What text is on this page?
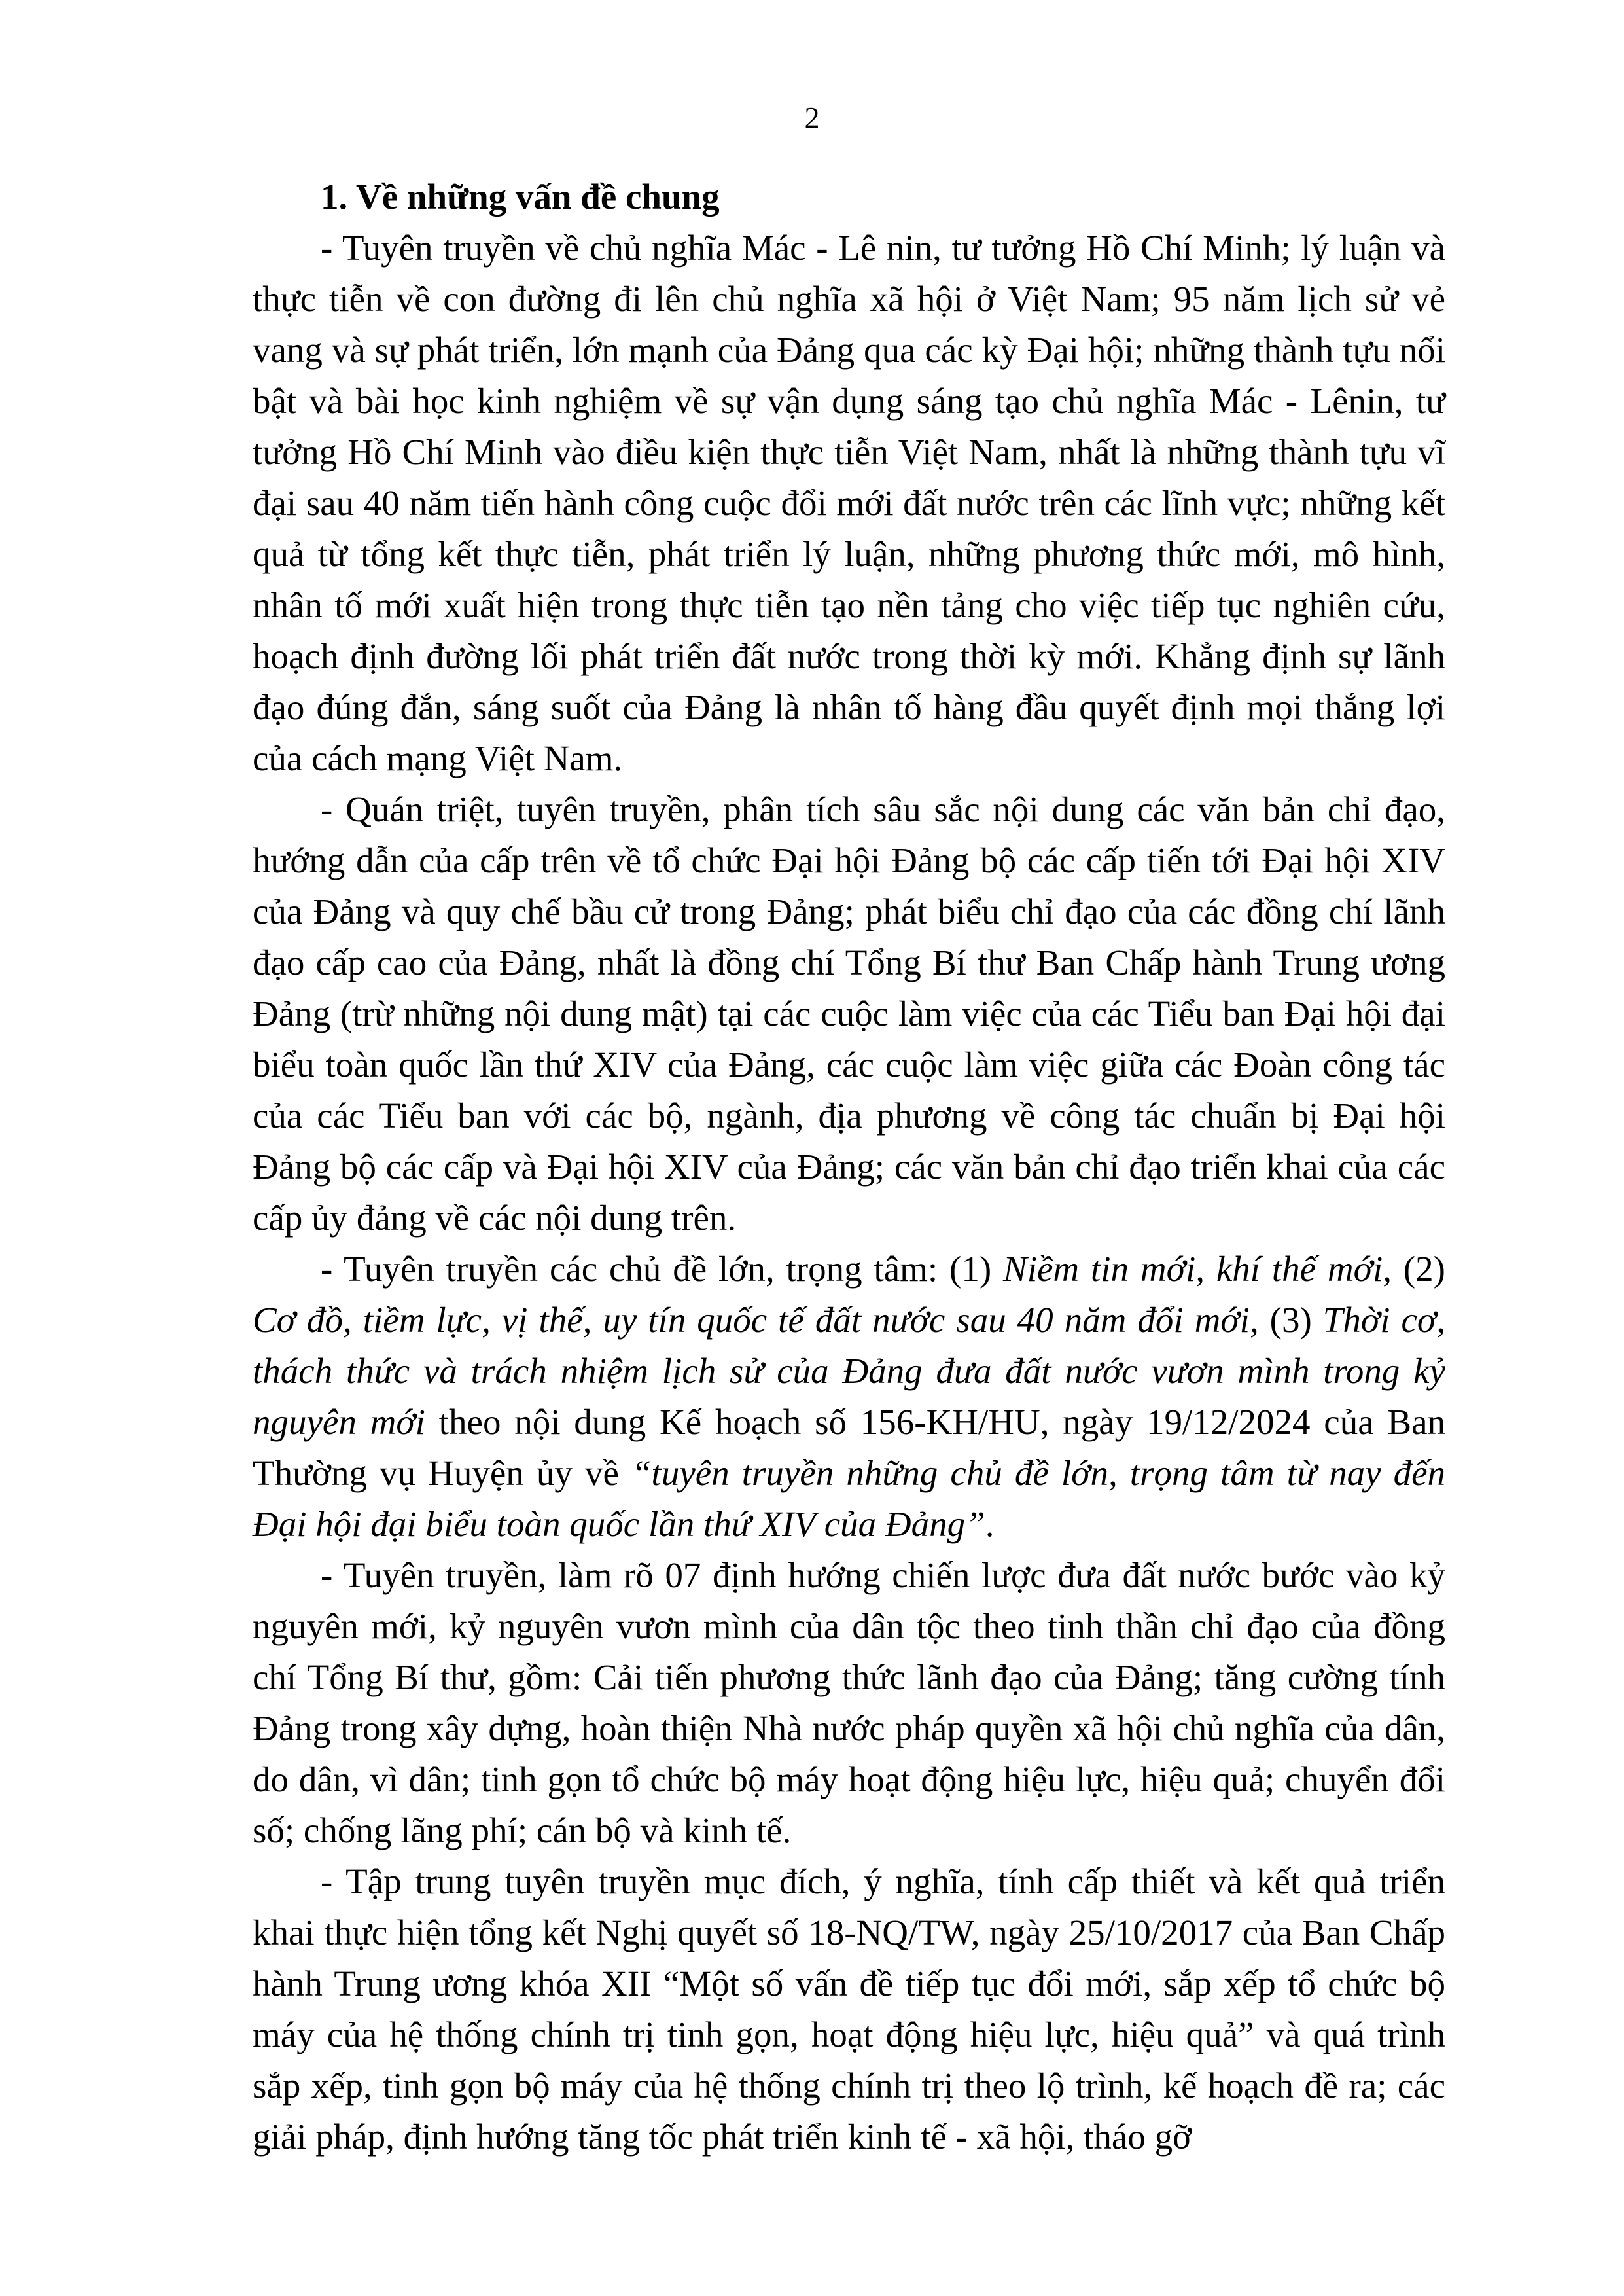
2

1. Về những vấn đề chung

- Tuyên truyền về chủ nghĩa Mác - Lê nin, tư tưởng Hồ Chí Minh; lý luận và thực tiễn về con đường đi lên chủ nghĩa xã hội ở Việt Nam; 95 năm lịch sử vẻ vang và sự phát triển, lớn mạnh của Đảng qua các kỳ Đại hội; những thành tựu nổi bật và bài học kinh nghiệm về sự vận dụng sáng tạo chủ nghĩa Mác - Lênin, tư tưởng Hồ Chí Minh vào điều kiện thực tiễn Việt Nam, nhất là những thành tựu vĩ đại sau 40 năm tiến hành công cuộc đổi mới đất nước trên các lĩnh vực; những kết quả từ tổng kết thực tiễn, phát triển lý luận, những phương thức mới, mô hình, nhân tố mới xuất hiện trong thực tiễn tạo nền tảng cho việc tiếp tục nghiên cứu, hoạch định đường lối phát triển đất nước trong thời kỳ mới. Khẳng định sự lãnh đạo đúng đắn, sáng suốt của Đảng là nhân tố hàng đầu quyết định mọi thắng lợi của cách mạng Việt Nam.

- Quán triệt, tuyên truyền, phân tích sâu sắc nội dung các văn bản chỉ đạo, hướng dẫn của cấp trên về tổ chức Đại hội Đảng bộ các cấp tiến tới Đại hội XIV của Đảng và quy chế bầu cử trong Đảng; phát biểu chỉ đạo của các đồng chí lãnh đạo cấp cao của Đảng, nhất là đồng chí Tổng Bí thư Ban Chấp hành Trung ương Đảng (trừ những nội dung mật) tại các cuộc làm việc của các Tiểu ban Đại hội đại biểu toàn quốc lần thứ XIV của Đảng, các cuộc làm việc giữa các Đoàn công tác của các Tiểu ban với các bộ, ngành, địa phương về công tác chuẩn bị Đại hội Đảng bộ các cấp và Đại hội XIV của Đảng; các văn bản chỉ đạo triển khai của các cấp ủy đảng về các nội dung trên.

- Tuyên truyền các chủ đề lớn, trọng tâm: (1) Niềm tin mới, khí thế mới, (2) Cơ đồ, tiềm lực, vị thế, uy tín quốc tế đất nước sau 40 năm đổi mới, (3) Thời cơ, thách thức và trách nhiệm lịch sử của Đảng đưa đất nước vươn mình trong kỷ nguyên mới theo nội dung Kế hoạch số 156-KH/HU, ngày 19/12/2024 của Ban Thường vụ Huyện ủy về “tuyên truyền những chủ đề lớn, trọng tâm từ nay đến Đại hội đại biểu toàn quốc lần thứ XIV của Đảng”.

- Tuyên truyền, làm rõ 07 định hướng chiến lược đưa đất nước bước vào kỷ nguyên mới, kỷ nguyên vươn mình của dân tộc theo tinh thần chỉ đạo của đồng chí Tổng Bí thư, gồm: Cải tiến phương thức lãnh đạo của Đảng; tăng cường tính Đảng trong xây dựng, hoàn thiện Nhà nước pháp quyền xã hội chủ nghĩa của dân, do dân, vì dân; tinh gọn tổ chức bộ máy hoạt động hiệu lực, hiệu quả; chuyển đổi số; chống lãng phí; cán bộ và kinh tế.

- Tập trung tuyên truyền mục đích, ý nghĩa, tính cấp thiết và kết quả triển khai thực hiện tổng kết Nghị quyết số 18-NQ/TW, ngày 25/10/2017 của Ban Chấp hành Trung ương khóa XII “Một số vấn đề tiếp tục đổi mới, sắp xếp tổ chức bộ máy của hệ thống chính trị tinh gọn, hoạt động hiệu lực, hiệu quả” và quá trình sắp xếp, tinh gọn bộ máy của hệ thống chính trị theo lộ trình, kế hoạch đề ra; các giải pháp, định hướng tăng tốc phát triển kinh tế - xã hội, tháo gỡ
